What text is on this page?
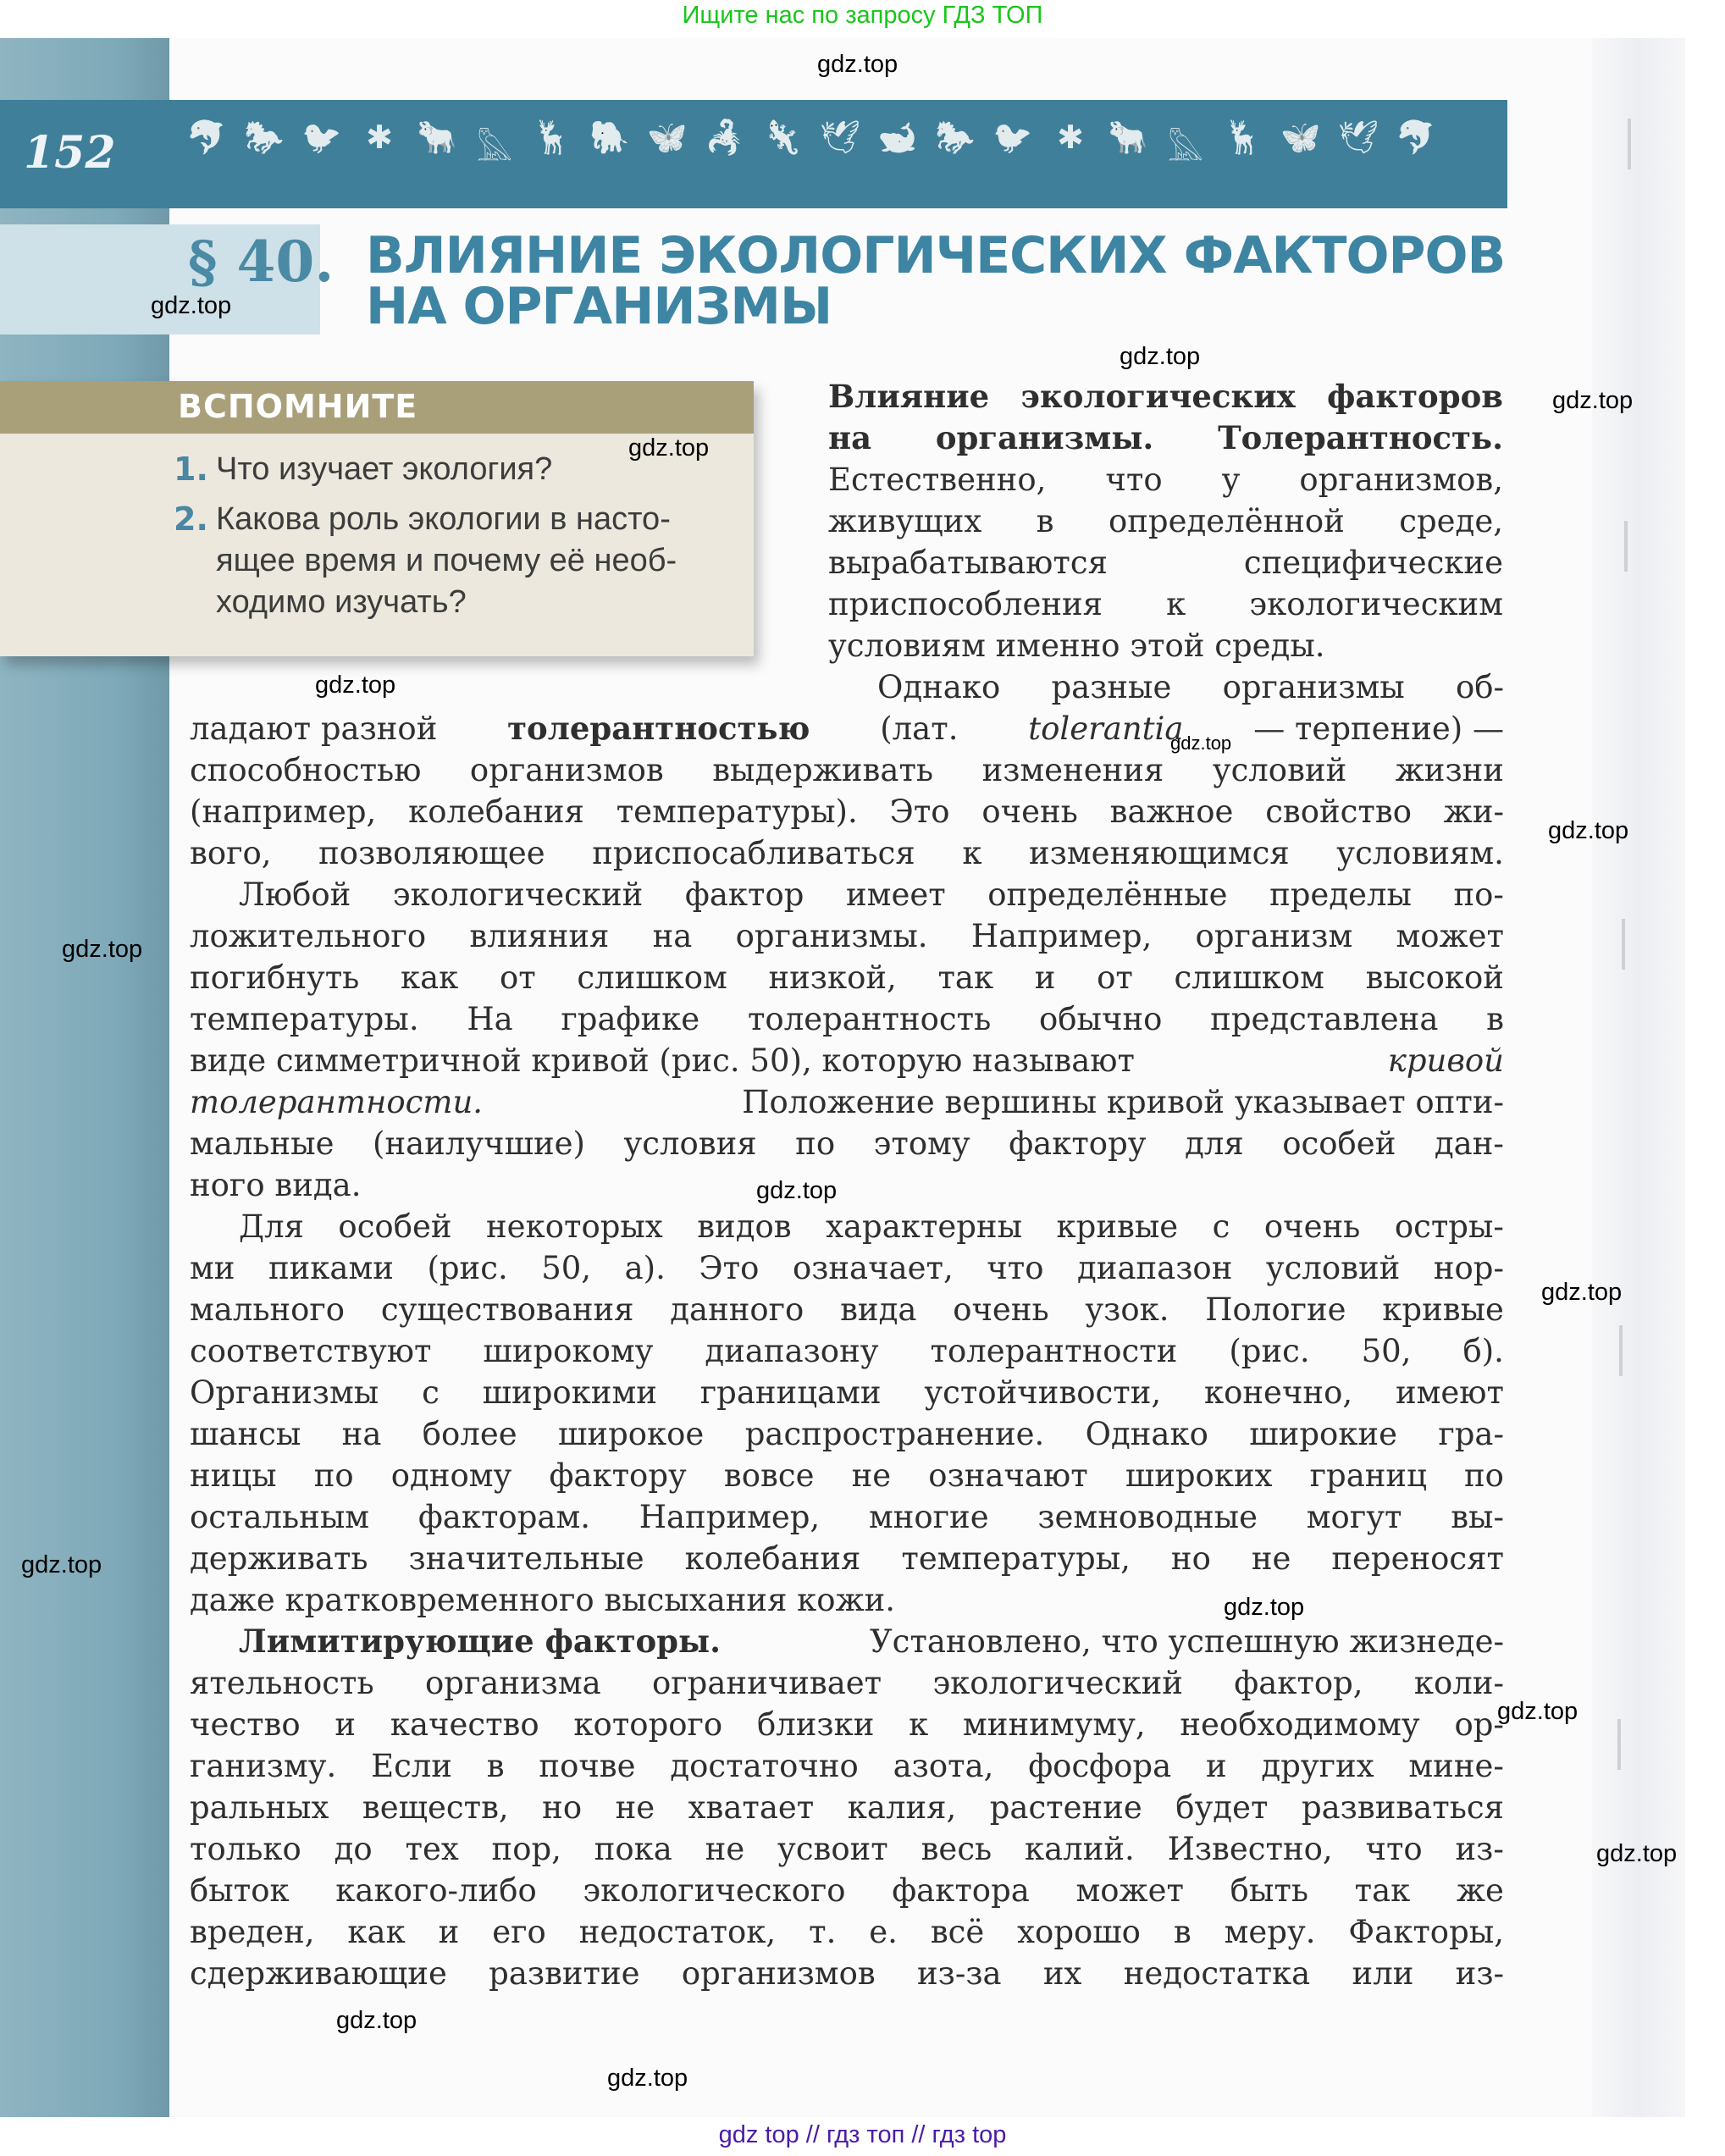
Ищите нас по запросу ГДЗ ТОП
152 🐬 🐎 🐦 ✱ 🐂 𓅓 🦌 🐘 🦋 🦂 🦎 🕊 🐋 🐎 🐦 ✱ 🐂 𓅓 🦌 🦋 🕊 🐬
§ 40. ВЛИЯНИЕ ЭКОЛОГИЧЕСКИХ ФАКТОРОВ
НА ОРГАНИЗМЫ
ВСПОМНИТЕ
1. Что изучает экология?
2. Какова роль экологии в насто-
ящее время и почему её необ-
ходимо изучать?
Влияние экологических факторов
на организмы. Толерантность.
Естественно, что у организмов,
живущих в определённой среде,
вырабатываются	специфические
приспособления к экологическим
условиям именно этой среды.
Однако разные организмы об-
ладают разной толерантностью (лат. tolerantia — терпение) —
способностью организмов выдерживать изменения условий жизни
(например, колебания температуры). Это очень важное свойство жи-
вого, позволяющее приспосабливаться к изменяющимся условиям.
Любой экологический фактор имеет определённые пределы по-
ложительного влияния на организмы. Например, организм может
погибнуть как от слишком низкой, так и от слишком высокой
температуры. На графике толерантность обычно представлена в
виде симметричной кривой (рис. 50), которую называют	кривой
толерантности.	Положение вершины кривой указывает опти-
мальные (наилучшие) условия по этому фактору для особей дан-
ного вида.
Для особей некоторых видов характерны кривые с очень остры-
ми пиками (рис. 50, а). Это означает, что диапазон условий нор-
мального существования данного вида очень узок. Пологие кривые
соответствуют широкому диапазону толерантности (рис. 50, б).
Организмы с широкими границами устойчивости, конечно, имеют
шансы на более широкое распространение. Однако широкие гра-
ницы по одному фактору вовсе не означают широких границ по
остальным факторам. Например, многие земноводные могут вы-
держивать значительные колебания температуры, но не переносят
даже кратковременного высыхания кожи.
Лимитирующие факторы.	Установлено, что успешную жизнеде-
ятельность организма ограничивает экологический фактор, коли-
чество и качество которого близки к минимуму, необходимому ор-
ганизму. Если в почве достаточно азота, фосфора и других мине-
ральных веществ, но не хватает калия, растение будет развиваться
только до тех пор, пока не усвоит весь калий. Известно, что из-
быток какого-либо экологического фактора может быть так же
вреден, как и его недостаток, т. е. всё хорошо в меру. Факторы,
сдерживающие развитие организмов из-за их недостатка или из-
gdz.top
gdz.top
gdz.top
gdz.top
gdz.top
gdz.top
gdz.top
gdz.top
gdz.top
gdz.top
gdz.top
gdz.top
gdz.top
gdz.top
gdz.top
gdz.top
gdz.top
gdz top // гдз топ // гдз top
